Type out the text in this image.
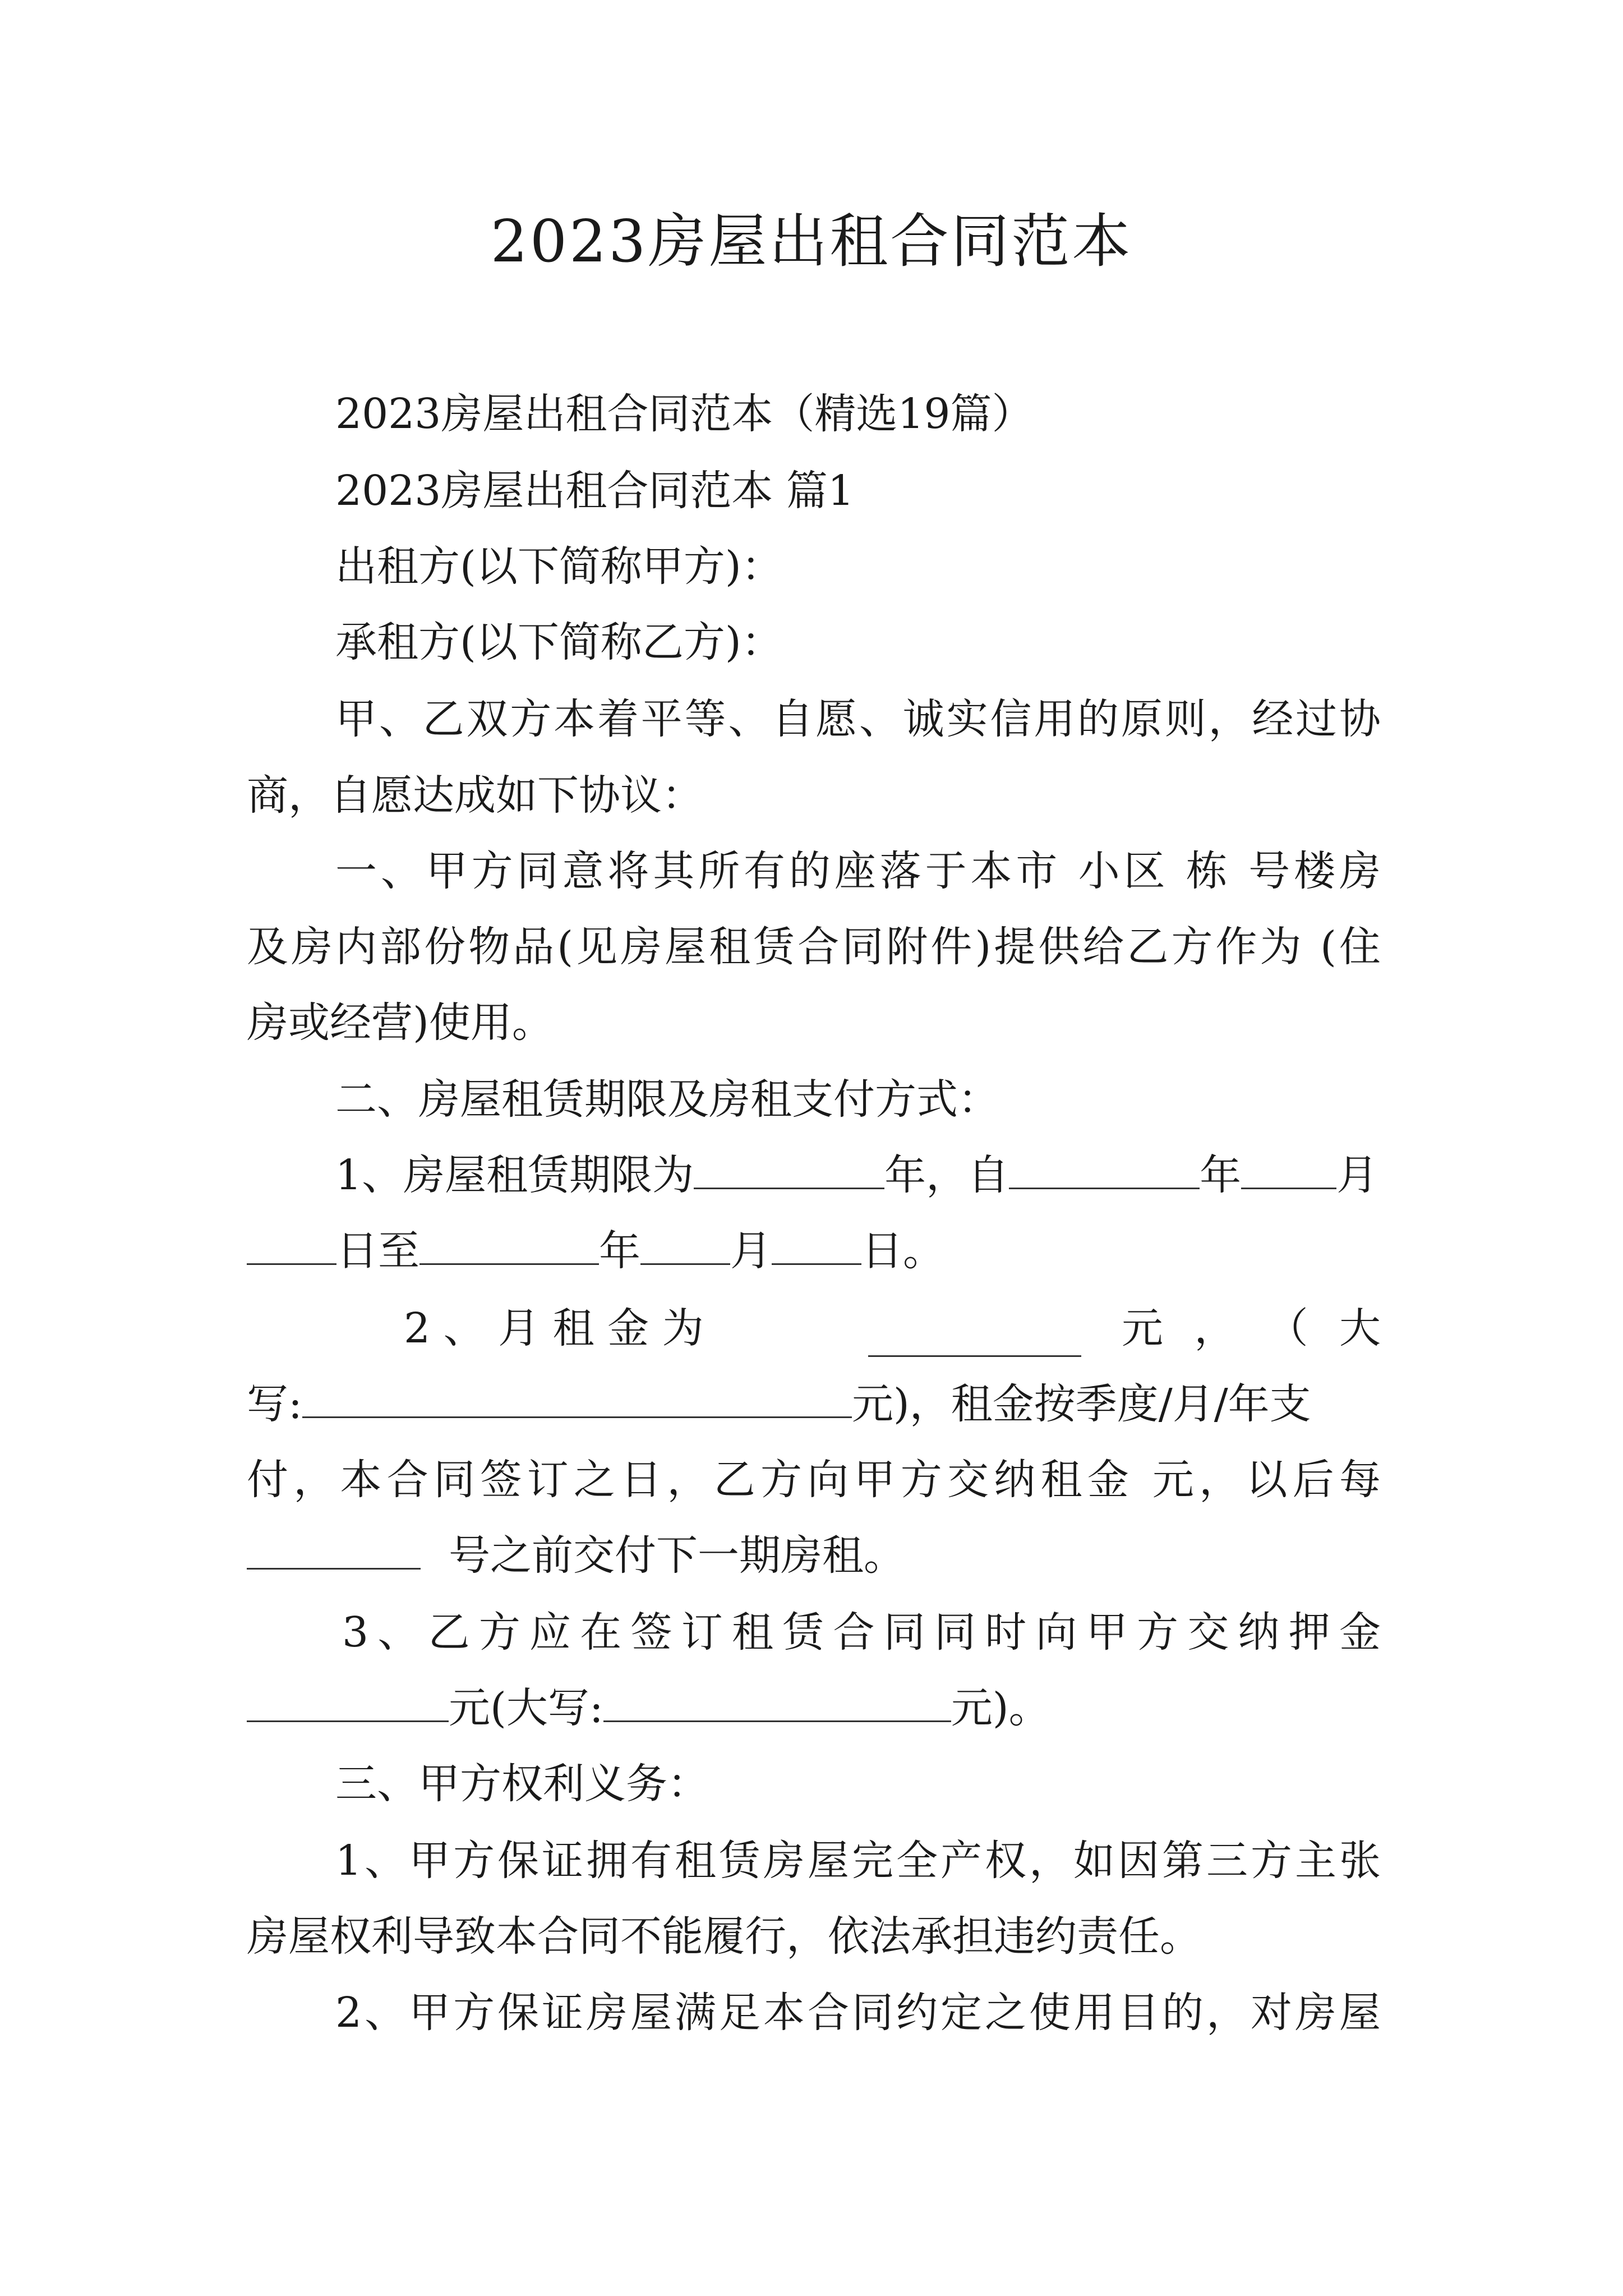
2023房屋出租合同范本
2023房屋出租合同范本（精选19篇）
2023房屋出租合同范本 篇1
出租方(以下简称甲方)：
承租方(以下简称乙方)：
甲、乙双方本着平等、自愿、诚实信用的原则，经过协
商，自愿达成如下协议：
一、甲方同意将其所有的座落于本市 小区 栋 号楼房
及房内部份物品(见房屋租赁合同附件)提供给乙方作为 (住
房或经营)使用。
二、房屋租赁期限及房租支付方式：
1、房屋租赁期限为	年，自	年 月
日至	年 月 日。
2 、 月 租 金 为	元 ， （ 大
写:	元)，租金按季度/月/年支
付，本合同签订之日，乙方向甲方交纳租金 元，以后每
号之前交付下一期房租。
3、乙方应在签订租赁合同同时向甲方交纳押金
元(大写:	元)。
三、甲方权利义务：
1、甲方保证拥有租赁房屋完全产权，如因第三方主张
房屋权利导致本合同不能履行，依法承担违约责任。
2、甲方保证房屋满足本合同约定之使用目的，对房屋
